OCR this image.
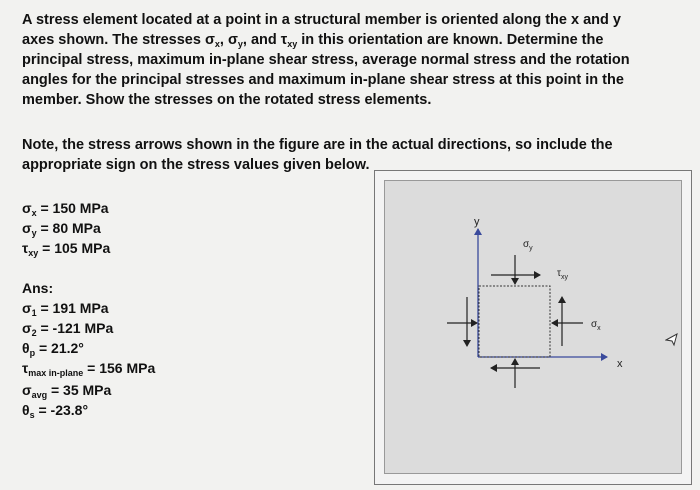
A stress element located at a point in a structural member is oriented along the x and y
axes shown. The stresses $\sigma_x$, $\sigma_y$, and $\tau_{xy}$ in this orientation are known. Determine the
principal stress, maximum in-plane shear stress, average normal stress and the rotation
angles for the principal stresses and maximum in-plane shear stress at this point in the
member. Show the stresses on the rotated stress elements.
Note, the stress arrows shown in the figure are in the actual directions, so include the
appropriate sign on the stress values given below.
$\sigma_x = 150$ MPa
$\sigma_y = 80$ MPa
$\tau_{xy} = 105$ MPa
Ans:
$\sigma_1 = 191$ MPa
$\sigma_2 = -121$ MPa
$\theta_p = 21.2^\circ$
$\tau_{max in-plane} = 156$ MPa
$\sigma_{avg} = 35$ MPa
$\theta_s = -23.8^\circ$
y
x
$\sigma_y$
$\tau_{xy}$
$\sigma_x$
